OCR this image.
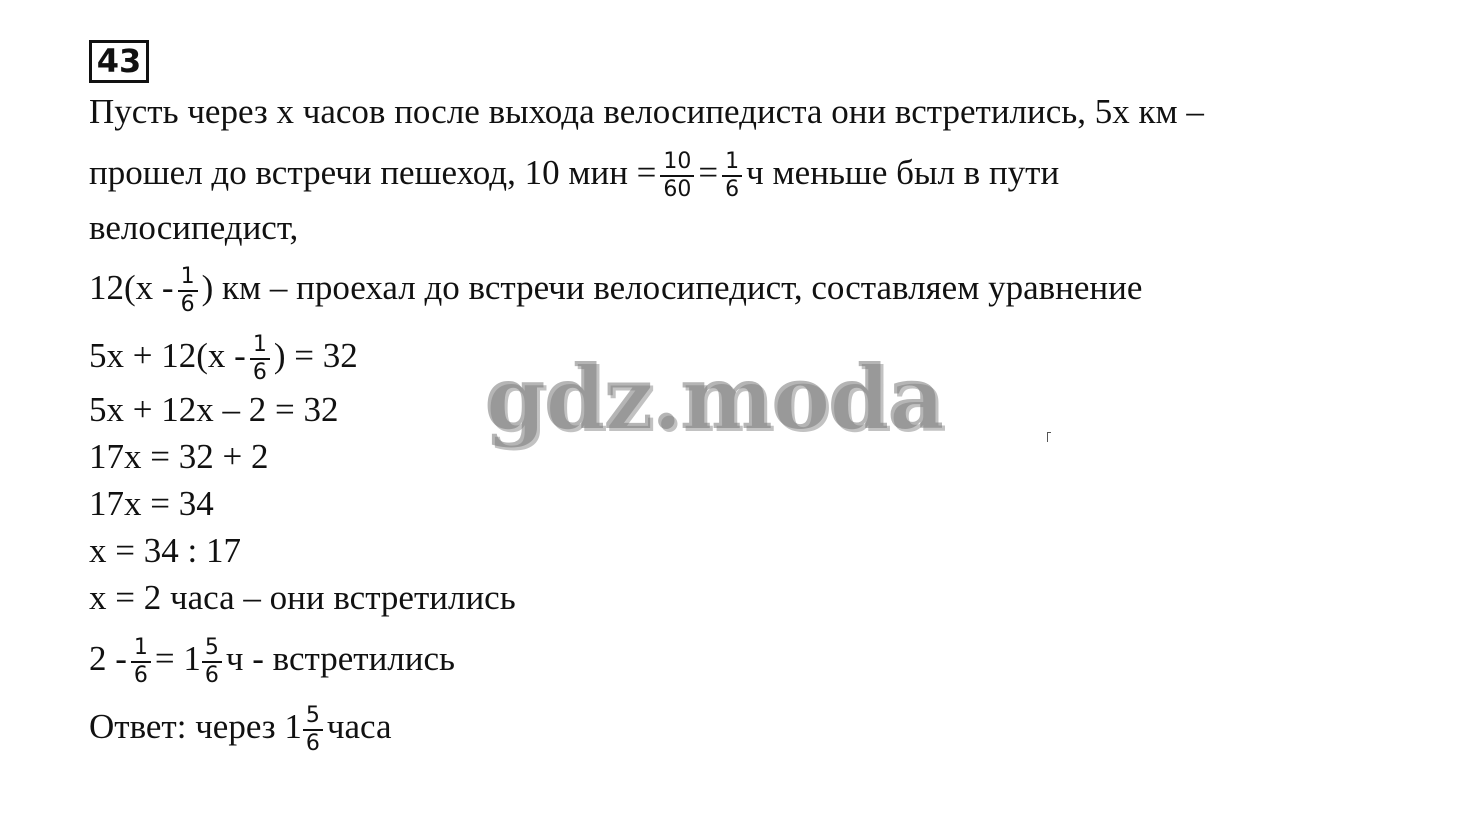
43
Пусть через x часов после выхода велосипедиста они встретились, 5x км –
прошел до встречи пешеход, 10 мин = $\frac{10}{60} = \frac{1}{6}$ ч меньше был в пути
велосипедист,
$12(x - \frac{1}{6}$ ) км – проехал до встречи велосипедист, составляем уравнение
$5x + 12(x - \frac{1}{6}$ ) = 32
5x + 12x – 2 = 32
17x = 32 + 2
17x = 34
x = 34 : 17
x = 2 часа – они встретились
$2 - \frac{1}{6} = 1 \frac{5}{6}$ ч - встретились
Ответ: через $1 \frac{5}{6}$ часа
gdz.moda
